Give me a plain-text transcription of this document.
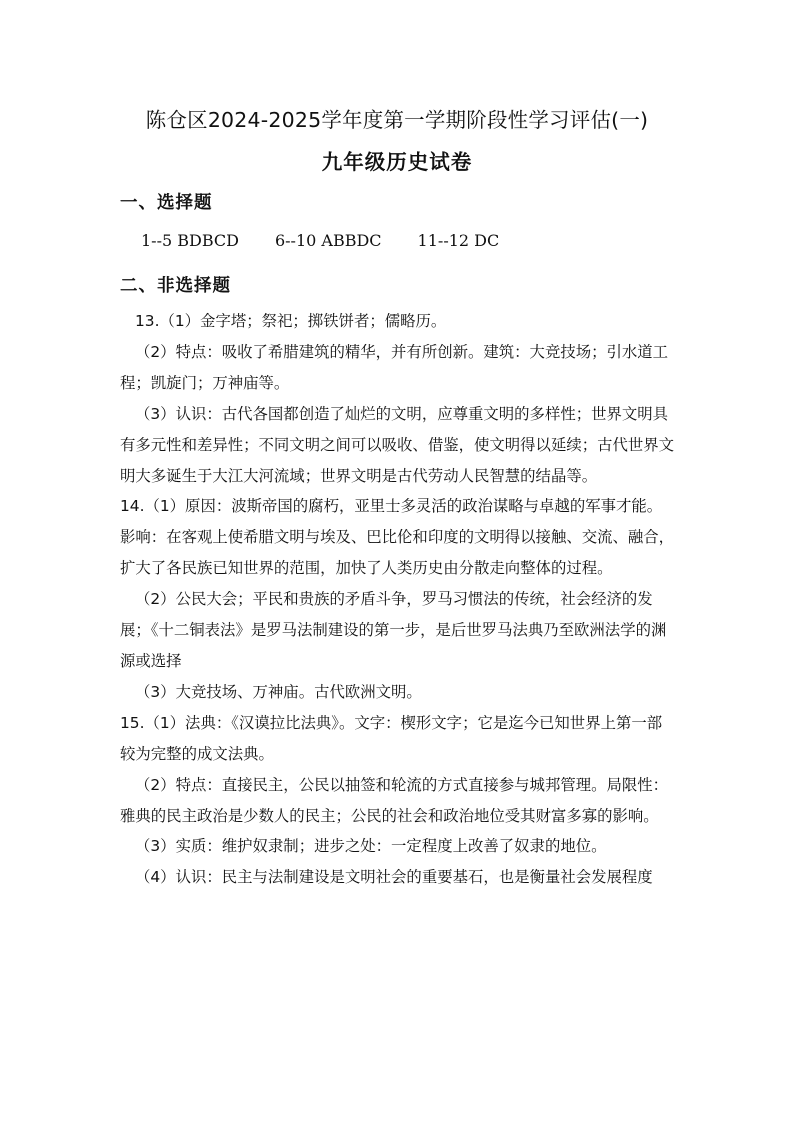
陈仓区2024-2025学年度第一学期阶段性学习评估(一)
九年级历史试卷
一、选择题
1--5 BDBCD 6--10 ABBDC 11--12 DC
二、非选择题

13.（1）金字塔；祭祀；掷铁饼者；儒略历。

（2）特点：吸收了希腊建筑的精华，并有所创新。建筑：大竞技场；引水道工程；凯旋门；万神庙等。

（3）认识：古代各国都创造了灿烂的文明，应尊重文明的多样性；世界文明具有多元性和差异性；不同文明之间可以吸收、借鉴，使文明得以延续；古代世界文明大多诞生于大江大河流域；世界文明是古代劳动人民智慧的结晶等。

14.（1）原因：波斯帝国的腐朽，亚里士多灵活的政治谋略与卓越的军事才能。

影响：在客观上使希腊文明与埃及、巴比伦和印度的文明得以接触、交流、融合，扩大了各民族已知世界的范围，加快了人类历史由分散走向整体的过程。

（2）公民大会；平民和贵族的矛盾斗争，罗马习惯法的传统，社会经济的发展；《十二铜表法》是罗马法制建设的第一步，是后世罗马法典乃至欧洲法学的渊源或选择

（3）大竞技场、万神庙。古代欧洲文明。

15.（1）法典：《汉谟拉比法典》。文字：楔形文字；它是迄今已知世界上第一部较为完整的成文法典。

（2）特点：直接民主，公民以抽签和轮流的方式直接参与城邦管理。局限性：雅典的民主政治是少数人的民主；公民的社会和政治地位受其财富多寡的影响。

（3）实质：维护奴隶制；进步之处：一定程度上改善了奴隶的地位。

（4）认识：民主与法制建设是文明社会的重要基石，也是衡量社会发展程度
